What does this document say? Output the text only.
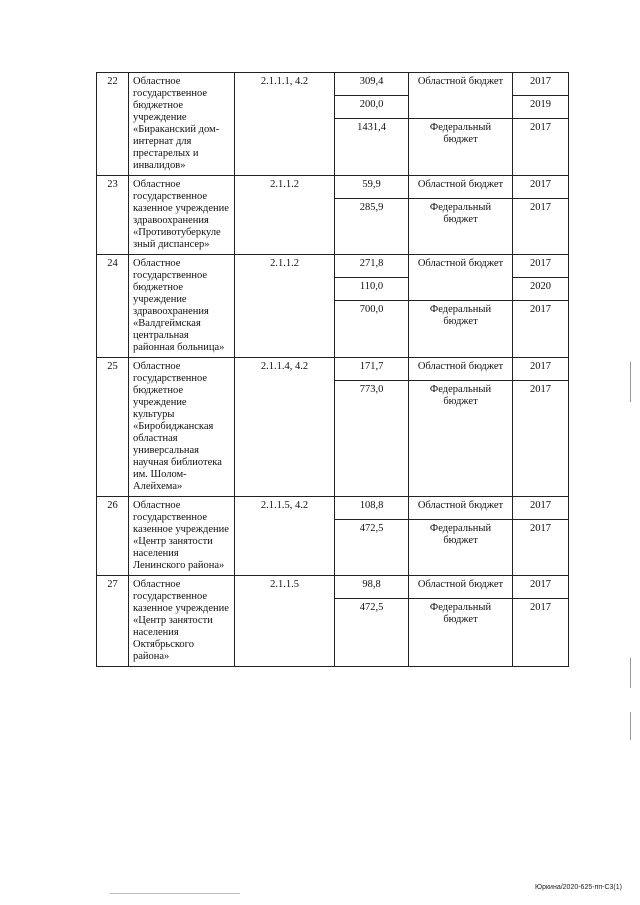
22	Областное государственное бюджетное учреждение «Бираканский дом-интернат для престарелых и инвалидов»	2.1.1.1, 4.2	309,4	Областной бюджет	2017
			200,0		2019
			1431,4	Федеральный бюджет	2017
23	Областное государственное казенное учреждение здравоохранения «Противотуберкуле зный диспансер»	2.1.1.2	59,9	Областной бюджет	2017
			285,9	Федеральный бюджет	2017
24	Областное государственное бюджетное учреждение здравоохранения «Валдгеймская центральная районная больница»	2.1.1.2	271,8	Областной бюджет	2017
			110,0		2020
			700,0	Федеральный бюджет	2017
25	Областное государственное бюджетное учреждение культуры «Биробиджанская областная универсальная научная библиотека им. Шолом-Алейхема»	2.1.1.4, 4.2	171,7	Областной бюджет	2017
			773,0	Федеральный бюджет	2017
26	Областное государственное казенное учреждение «Центр занятости населения Ленинского района»	2.1.1.5, 4.2	108,8	Областной бюджет	2017
			472,5	Федеральный бюджет	2017
27	Областное государственное казенное учреждение «Центр занятости населения Октябрьского района»	2.1.1.5	98,8	Областной бюджет	2017
			472,5	Федеральный бюджет	2017
Юркина/2020-625-пп-С3(1)
